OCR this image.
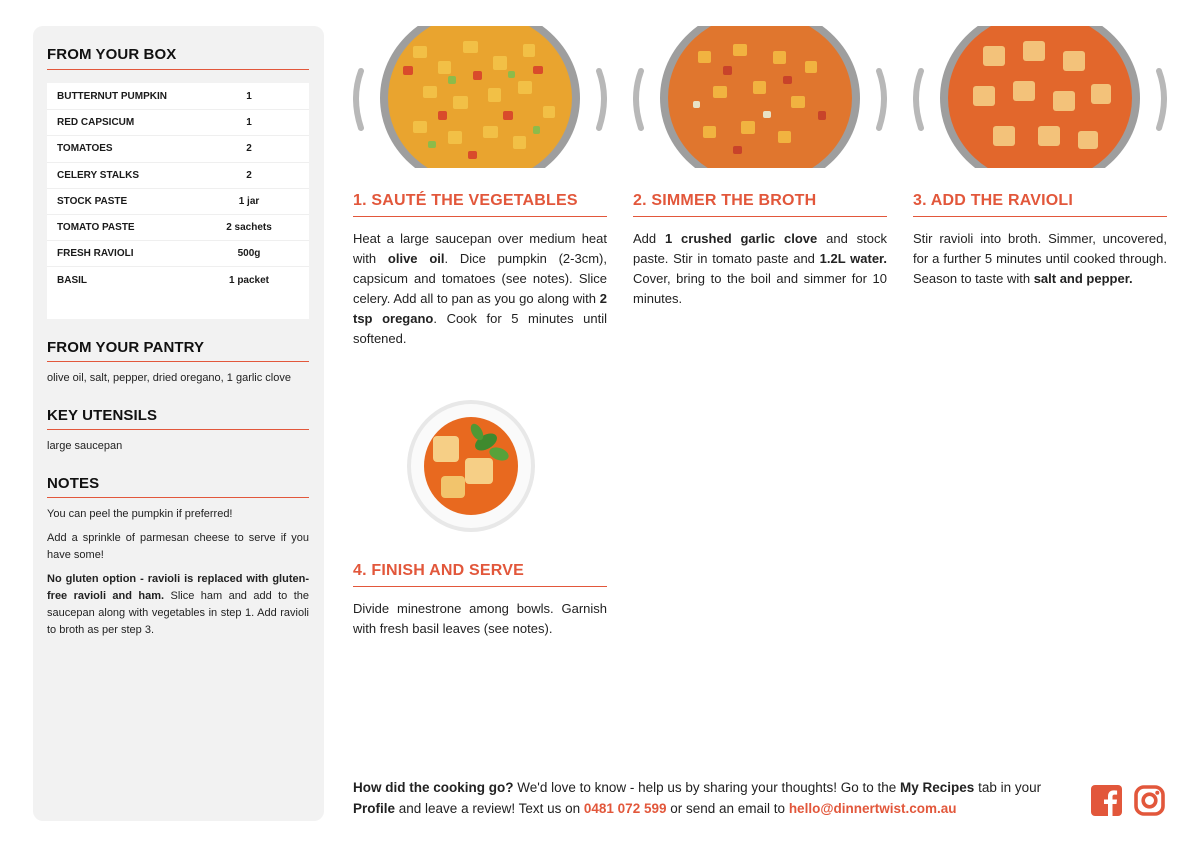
FROM YOUR BOX
BUTTERNUT PUMPKIN	1
RED CAPSICUM	1
TOMATOES	2
CELERY STALKS	2
STOCK PASTE	1 jar
TOMATO PASTE	2 sachets
FRESH RAVIOLI	500g
BASIL	1 packet
FROM YOUR PANTRY
olive oil, salt, pepper, dried oregano, 1 garlic clove
KEY UTENSILS
large saucepan
NOTES

You can peel the pumpkin if preferred!

Add a sprinkle of parmesan cheese to serve if you have some!

No gluten option - ravioli is replaced with gluten-free ravioli and ham. Slice ham and add to the saucepan along with vegetables in step 1. Add ravioli to broth as per step 3.

1. SAUTÉ THE VEGETABLES

Heat a large saucepan over medium heat with olive oil. Dice pumpkin (2-3cm), capsicum and tomatoes (see notes). Slice celery. Add all to pan as you go along with 2 tsp oregano. Cook for 5 minutes until softened.

2. SIMMER THE BROTH

Add 1 crushed garlic clove and stock paste. Stir in tomato paste and 1.2L water. Cover, bring to the boil and simmer for 10 minutes.

3. ADD THE RAVIOLI

Stir ravioli into broth. Simmer, uncovered, for a further 5 minutes until cooked through. Season to taste with salt and pepper.

4. FINISH AND SERVE

Divide minestrone among bowls. Garnish with fresh basil leaves (see notes).

How did the cooking go? We'd love to know - help us by sharing your thoughts! Go to the My Recipes tab in your Profile and leave a review! Text us on 0481 072 599 or send an email to hello@dinnertwist.com.au
